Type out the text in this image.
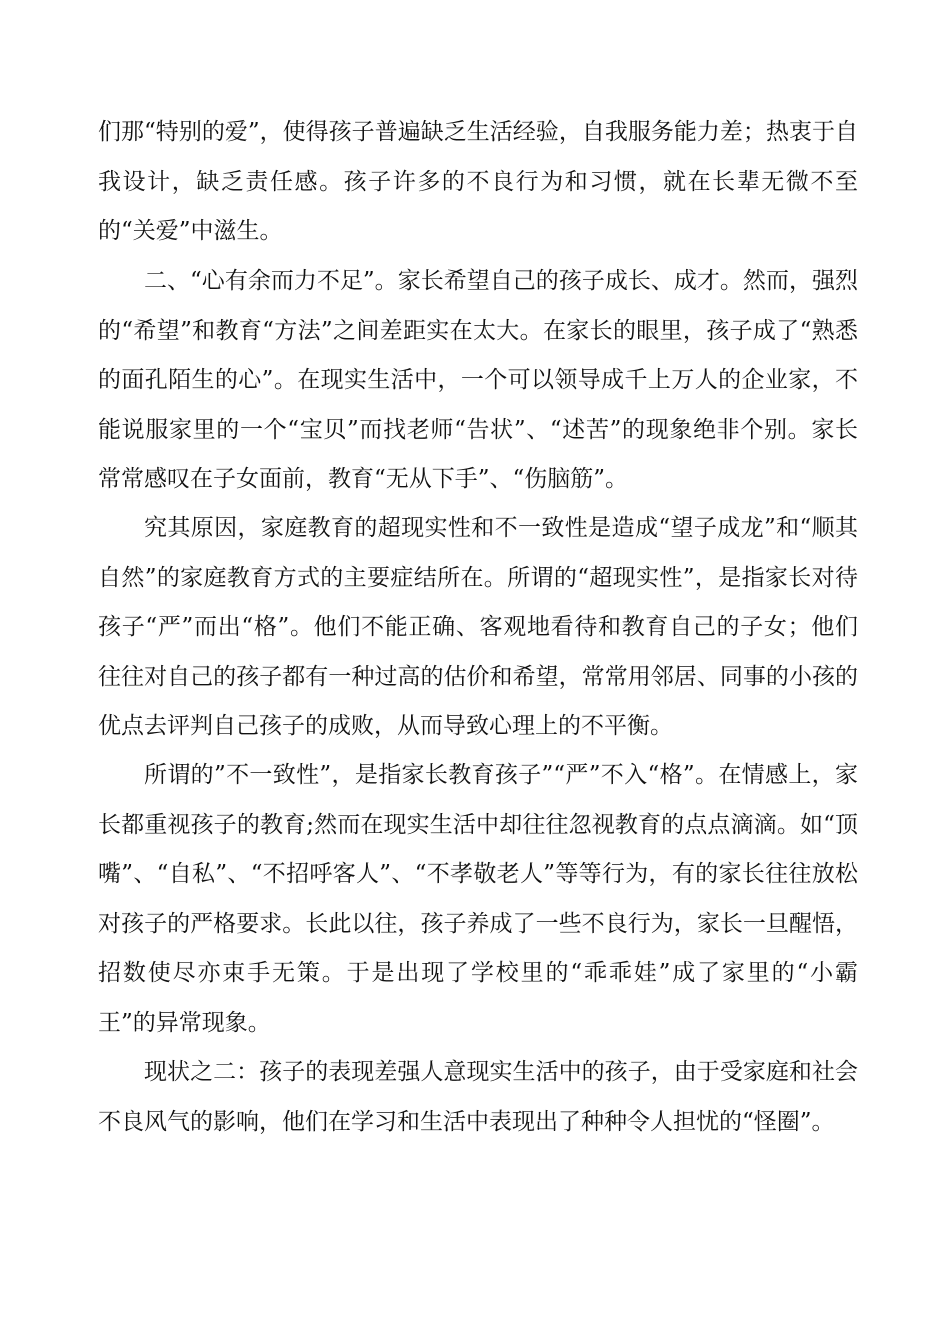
们那“特别的爱”，使得孩子普遍缺乏生活经验，自我服务能力差；热衷于自我设计，缺乏责任感。孩子许多的不良行为和习惯，就在长辈无微不至的“关爱”中滋生。

二、“心有余而力不足”。家长希望自己的孩子成长、成才。然而，强烈的“希望”和教育“方法”之间差距实在太大。在家长的眼里，孩子成了“熟悉的面孔陌生的心”。在现实生活中，一个可以领导成千上万人的企业家，不能说服家里的一个“宝贝”而找老师“告状”、“述苦”的现象绝非个别。家长常常感叹在子女面前，教育“无从下手”、“伤脑筋”。

究其原因，家庭教育的超现实性和不一致性是造成“望子成龙”和“顺其自然”的家庭教育方式的主要症结所在。所谓的“超现实性”，是指家长对待孩子“严”而出“格”。他们不能正确、客观地看待和教育自己的子女；他们往往对自己的孩子都有一种过高的估价和希望，常常用邻居、同事的小孩的优点去评判自己孩子的成败，从而导致心理上的不平衡。

所谓的”不一致性”，是指家长教育孩子”“严”不入“格”。在情感上，家长都重视孩子的教育;然而在现实生活中却往往忽视教育的点点滴滴。如“顶嘴”、“自私”、“不招呼客人”、“不孝敬老人”等等行为，有的家长往往放松对孩子的严格要求。长此以往，孩子养成了一些不良行为，家长一旦醒悟，招数使尽亦束手无策。于是出现了学校里的“乖乖娃”成了家里的“小霸王”的异常现象。

现状之二：孩子的表现差强人意现实生活中的孩子，由于受家庭和社会不良风气的影响，他们在学习和生活中表现出了种种令人担忧的“怪圈”。
